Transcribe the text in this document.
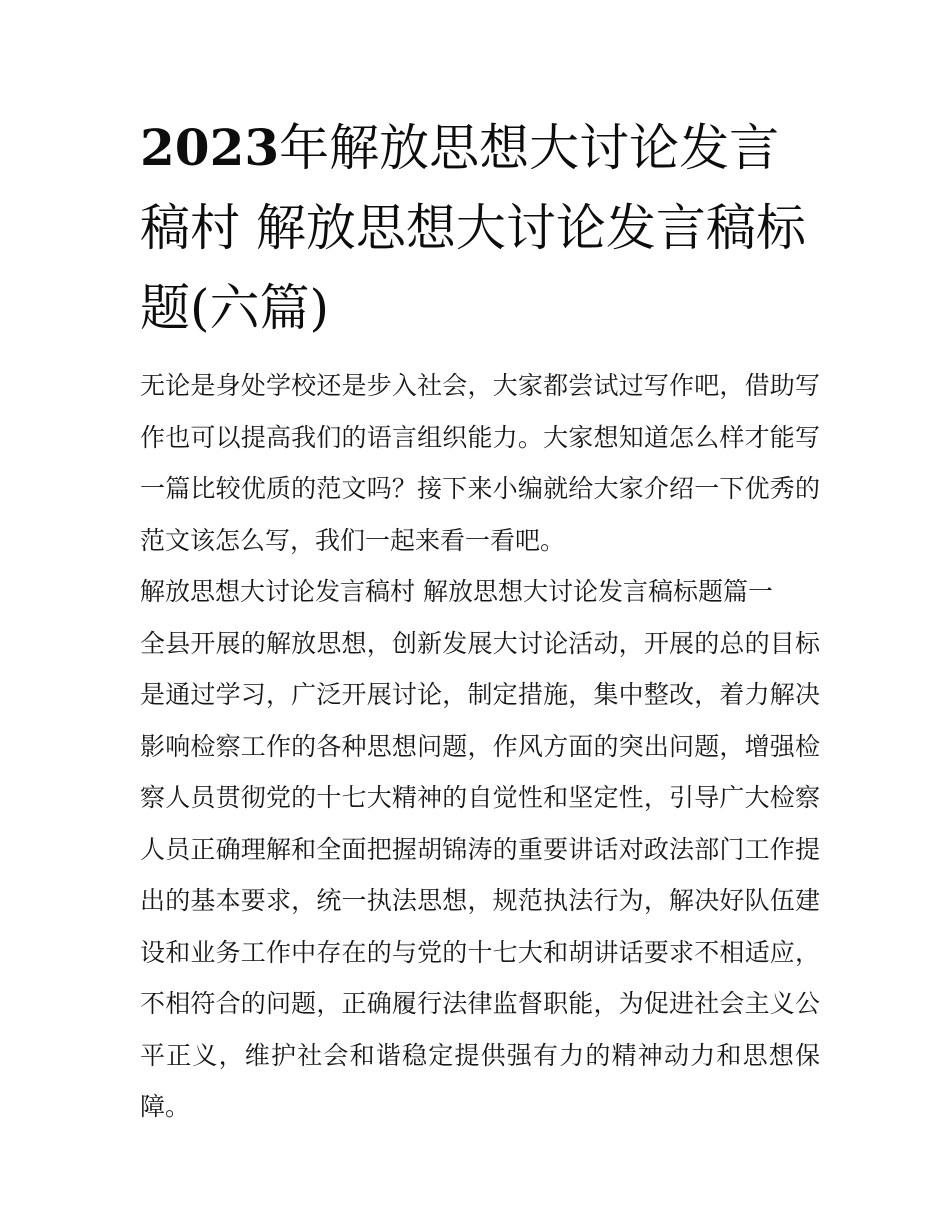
2023年解放思想大讨论发言稿村 解放思想大讨论发言稿标题(六篇)

无论是身处学校还是步入社会，大家都尝试过写作吧，借助写作也可以提高我们的语言组织能力。大家想知道怎么样才能写一篇比较优质的范文吗？接下来小编就给大家介绍一下优秀的范文该怎么写，我们一起来看一看吧。

解放思想大讨论发言稿村 解放思想大讨论发言稿标题篇一

全县开展的解放思想，创新发展大讨论活动，开展的总的目标是通过学习，广泛开展讨论，制定措施，集中整改，着力解决影响检察工作的各种思想问题，作风方面的突出问题，增强检察人员贯彻党的十七大精神的自觉性和坚定性，引导广大检察人员正确理解和全面把握胡锦涛的重要讲话对政法部门工作提出的基本要求，统一执法思想，规范执法行为，解决好队伍建设和业务工作中存在的与党的十七大和胡讲话要求不相适应，不相符合的问题，正确履行法律监督职能，为促进社会主义公平正义，维护社会和谐稳定提供强有力的精神动力和思想保障。
